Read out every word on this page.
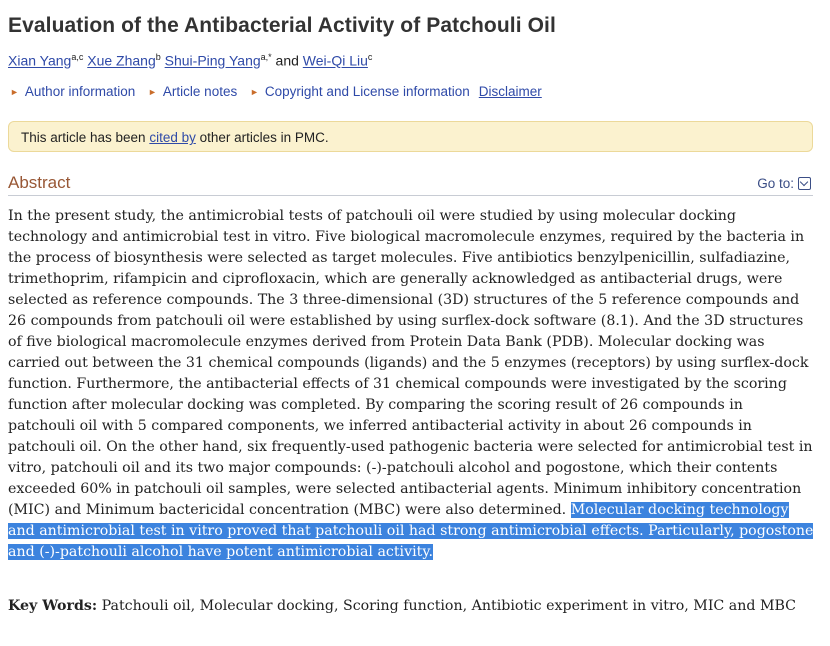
Evaluation of the Antibacterial Activity of Patchouli Oil
Xian Yang$^{a,c}$ Xue Zhang$^b$ Shui-Ping Yang$^{a,*}$ and Wei-Qi Liu$^c$
► Author information ► Article notes ► Copyright and License information Disclaimer
This article has been cited by other articles in PMC.
Abstract	Go to:
In the present study, the antimicrobial tests of patchouli oil were studied by using molecular docking technology and antimicrobial test in vitro. Five biological macromolecule enzymes, required by the bacteria in the process of biosynthesis were selected as target molecules. Five antibiotics benzylpenicillin, sulfadiazine, trimethoprim, rifampicin and ciprofloxacin, which are generally acknowledged as antibacterial drugs, were selected as reference compounds. The 3 three-dimensional (3D) structures of the 5 reference compounds and 26 compounds from patchouli oil were established by using surflex-dock software (8.1). And the 3D structures of five biological macromolecule enzymes derived from Protein Data Bank (PDB). Molecular docking was carried out between the 31 chemical compounds (ligands) and the 5 enzymes (receptors) by using surflex-dock function. Furthermore, the antibacterial effects of 31 chemical compounds were investigated by the scoring function after molecular docking was completed. By comparing the scoring result of 26 compounds in patchouli oil with 5 compared components, we inferred antibacterial activity in about 26 compounds in patchouli oil. On the other hand, six frequently-used pathogenic bacteria were selected for antimicrobial test in vitro, patchouli oil and its two major compounds: (-)-patchouli alcohol and pogostone, which their contents exceeded 60% in patchouli oil samples, were selected antibacterial agents. Minimum inhibitory concentration (MIC) and Minimum bactericidal concentration (MBC) were also determined. Molecular docking technology and antimicrobial test in vitro proved that patchouli oil had strong antimicrobial effects. Particularly, pogostone and (-)-patchouli alcohol have potent antimicrobial activity.
Key Words: Patchouli oil, Molecular docking, Scoring function, Antibiotic experiment in vitro, MIC and MBC
